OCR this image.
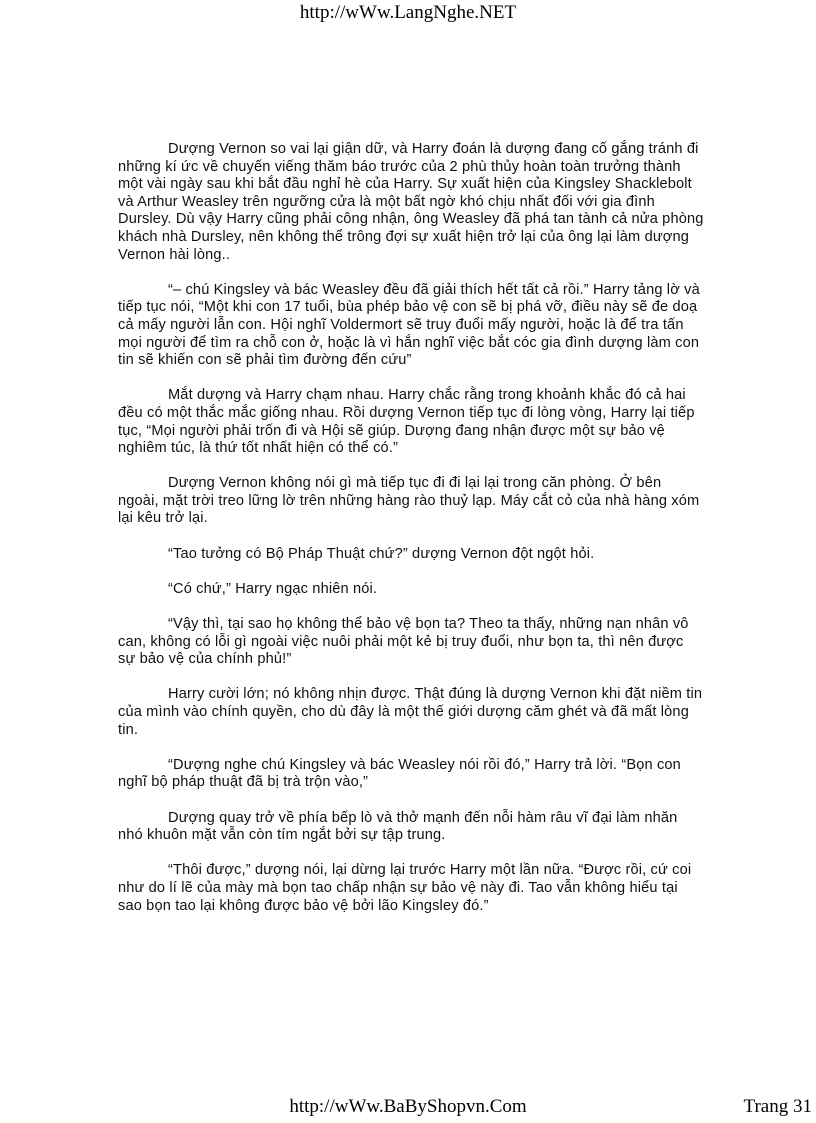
http://wWw.LangNghe.NET

Dượng Vernon so vai lại giận dữ, và Harry đoán là dượng đang cố gắng tránh đi những kí ức về chuyến viếng thăm báo trước của 2 phù thủy hoàn toàn trưởng thành một vài ngày sau khi bắt đầu nghỉ hè của Harry. Sự xuất hiện của Kingsley Shacklebolt và Arthur Weasley trên ngưỡng cửa là một bất ngờ khó chịu nhất đối với gia đình Dursley. Dù vậy Harry cũng phải công nhận, ông Weasley đã phá tan tành cả nửa phòng khách nhà Dursley, nên không thể trông đợi sự xuất hiện trở lại của ông lại làm dượng Vernon hài lòng..

“– chú Kingsley và bác Weasley đều đã giải thích hết tất cả rồi.” Harry tảng lờ và tiếp tục nói, “Một khi con 17 tuổi, bùa phép bảo vệ con sẽ bị phá vỡ, điều này sẽ đe doạ cả mấy người lẫn con. Hội nghĩ Voldermort sẽ truy đuổi mấy người, hoặc là để tra tấn mọi người để tìm ra chỗ con ở, hoặc là vì hắn nghĩ việc bắt cóc gia đình dượng làm con tin sẽ khiến con sẽ phải tìm đường đến cứu”

Mắt dượng và Harry chạm nhau. Harry chắc rằng trong khoảnh khắc đó cả hai đều có một thắc mắc giống nhau. Rồi dượng Vernon tiếp tục đi lòng vòng, Harry lại tiếp tục, “Mọi người phải trốn đi và Hội sẽ giúp. Dượng đang nhận được một sự bảo vệ nghiêm túc, là thứ tốt nhất hiện có thể có.”

Dượng Vernon không nói gì mà tiếp tục đi đi lại lại trong căn phòng. Ở bên ngoài, mặt trời treo lững lờ trên những hàng rào thuỷ lạp. Máy cắt cỏ của nhà hàng xóm lại kêu trở lại.

“Tao tưởng có Bộ Pháp Thuật chứ?” dượng Vernon đột ngột hỏi.

“Có chứ,” Harry ngạc nhiên nói.

“Vậy thì, tại sao họ không thể bảo vệ bọn ta? Theo ta thấy, những nạn nhân vô can, không có lỗi gì ngoài việc nuôi phải một kẻ bị truy đuổi, như bọn ta, thì nên được sự bảo vệ của chính phủ!”

Harry cười lớn; nó không nhịn được. Thật đúng là dượng Vernon khi đặt niềm tin của mình vào chính quyền, cho dù đây là một thế giới dượng căm ghét và đã mất lòng tin.

“Dượng nghe chú Kingsley và bác Weasley nói rồi đó,” Harry trả lời. “Bọn con nghĩ bộ pháp thuật đã bị trà trộn vào,”

Dượng quay trở về phía bếp lò và thở mạnh đến nỗi hàm râu vĩ đại làm nhăn nhó khuôn mặt vẫn còn tím ngắt bởi sự tập trung.

“Thôi được,” dượng nói, lại dừng lại trước Harry một lần nữa. “Được rồi, cứ coi như do lí lẽ của mày mà bọn tao chấp nhận sự bảo vệ này đi. Tao vẫn không hiểu tại sao bọn tao lại không được bảo vệ bởi lão Kingsley đó.”

http://wWw.BaByShopvn.Com	Trang 31
